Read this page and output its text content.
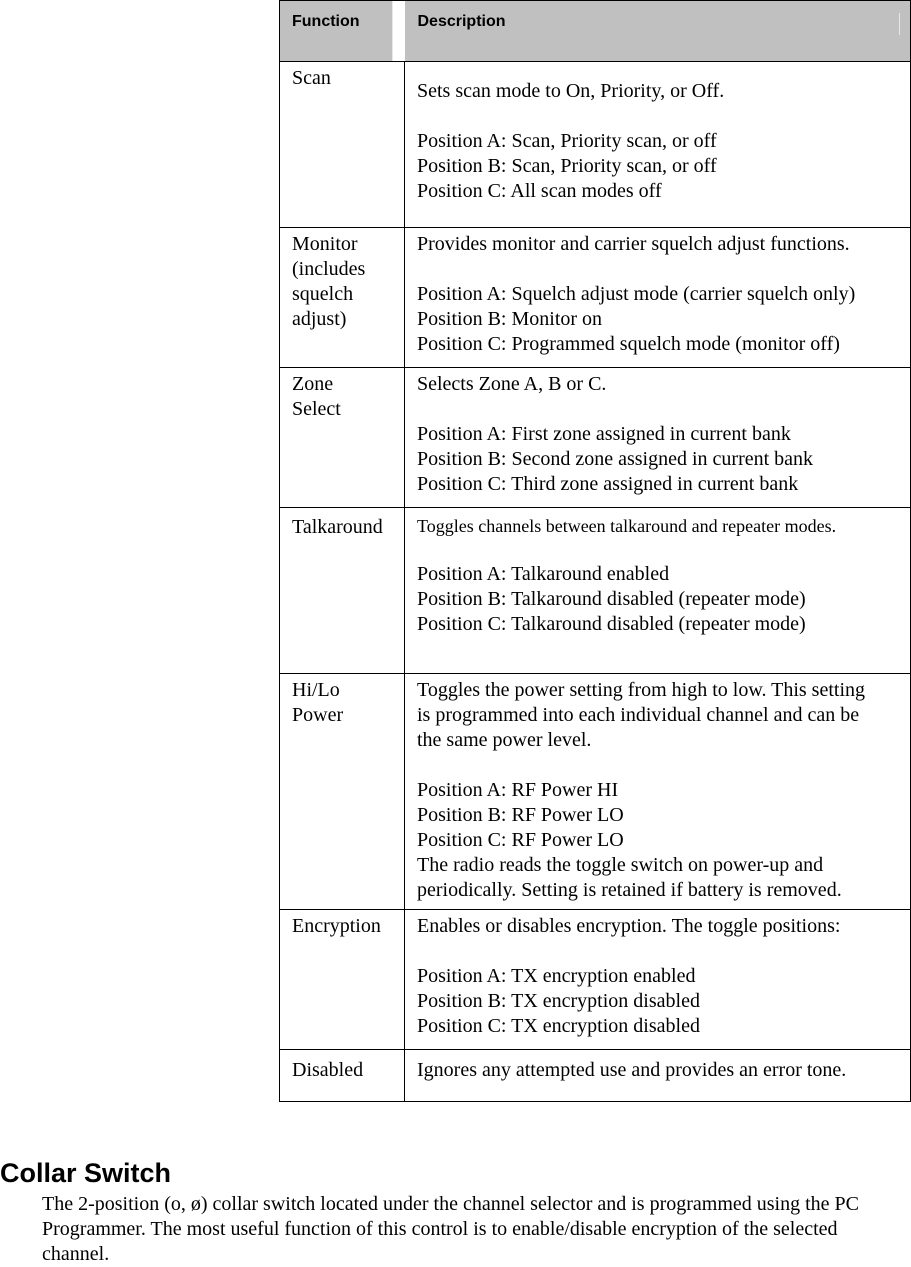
Function	Description

Scan	Sets scan mode to On, Priority, or Off.
Position A: Scan, Priority scan, or off
Position B: Scan, Priority scan, or off
Position C: All scan modes off

Monitor (includes squelch adjust)	Provides monitor and carrier squelch adjust functions.
Position A: Squelch adjust mode (carrier squelch only)
Position B: Monitor on
Position C: Programmed squelch mode (monitor off)

Zone Select	Selects Zone A, B or C.
Position A: First zone assigned in current bank
Position B: Second zone assigned in current bank
Position C: Third zone assigned in current bank

Talkaround	Toggles channels between talkaround and repeater modes.
Position A: Talkaround enabled
Position B: Talkaround disabled (repeater mode)
Position C: Talkaround disabled (repeater mode)

Hi/Lo Power	Toggles the power setting from high to low. This setting is programmed into each individual channel and can be the same power level.
Position A: RF Power HI
Position B: RF Power LO
Position C: RF Power LO
The radio reads the toggle switch on power-up and periodically. Setting is retained if battery is removed.

Encryption	Enables or disables encryption. The toggle positions:
Position A: TX encryption enabled
Position B: TX encryption disabled
Position C: TX encryption disabled

Disabled	Ignores any attempted use and provides an error tone.
Collar Switch
The 2-position (o, ø) collar switch located under the channel selector and is programmed using the PC Programmer. The most useful function of this control is to enable/disable encryption of the selected channel.
